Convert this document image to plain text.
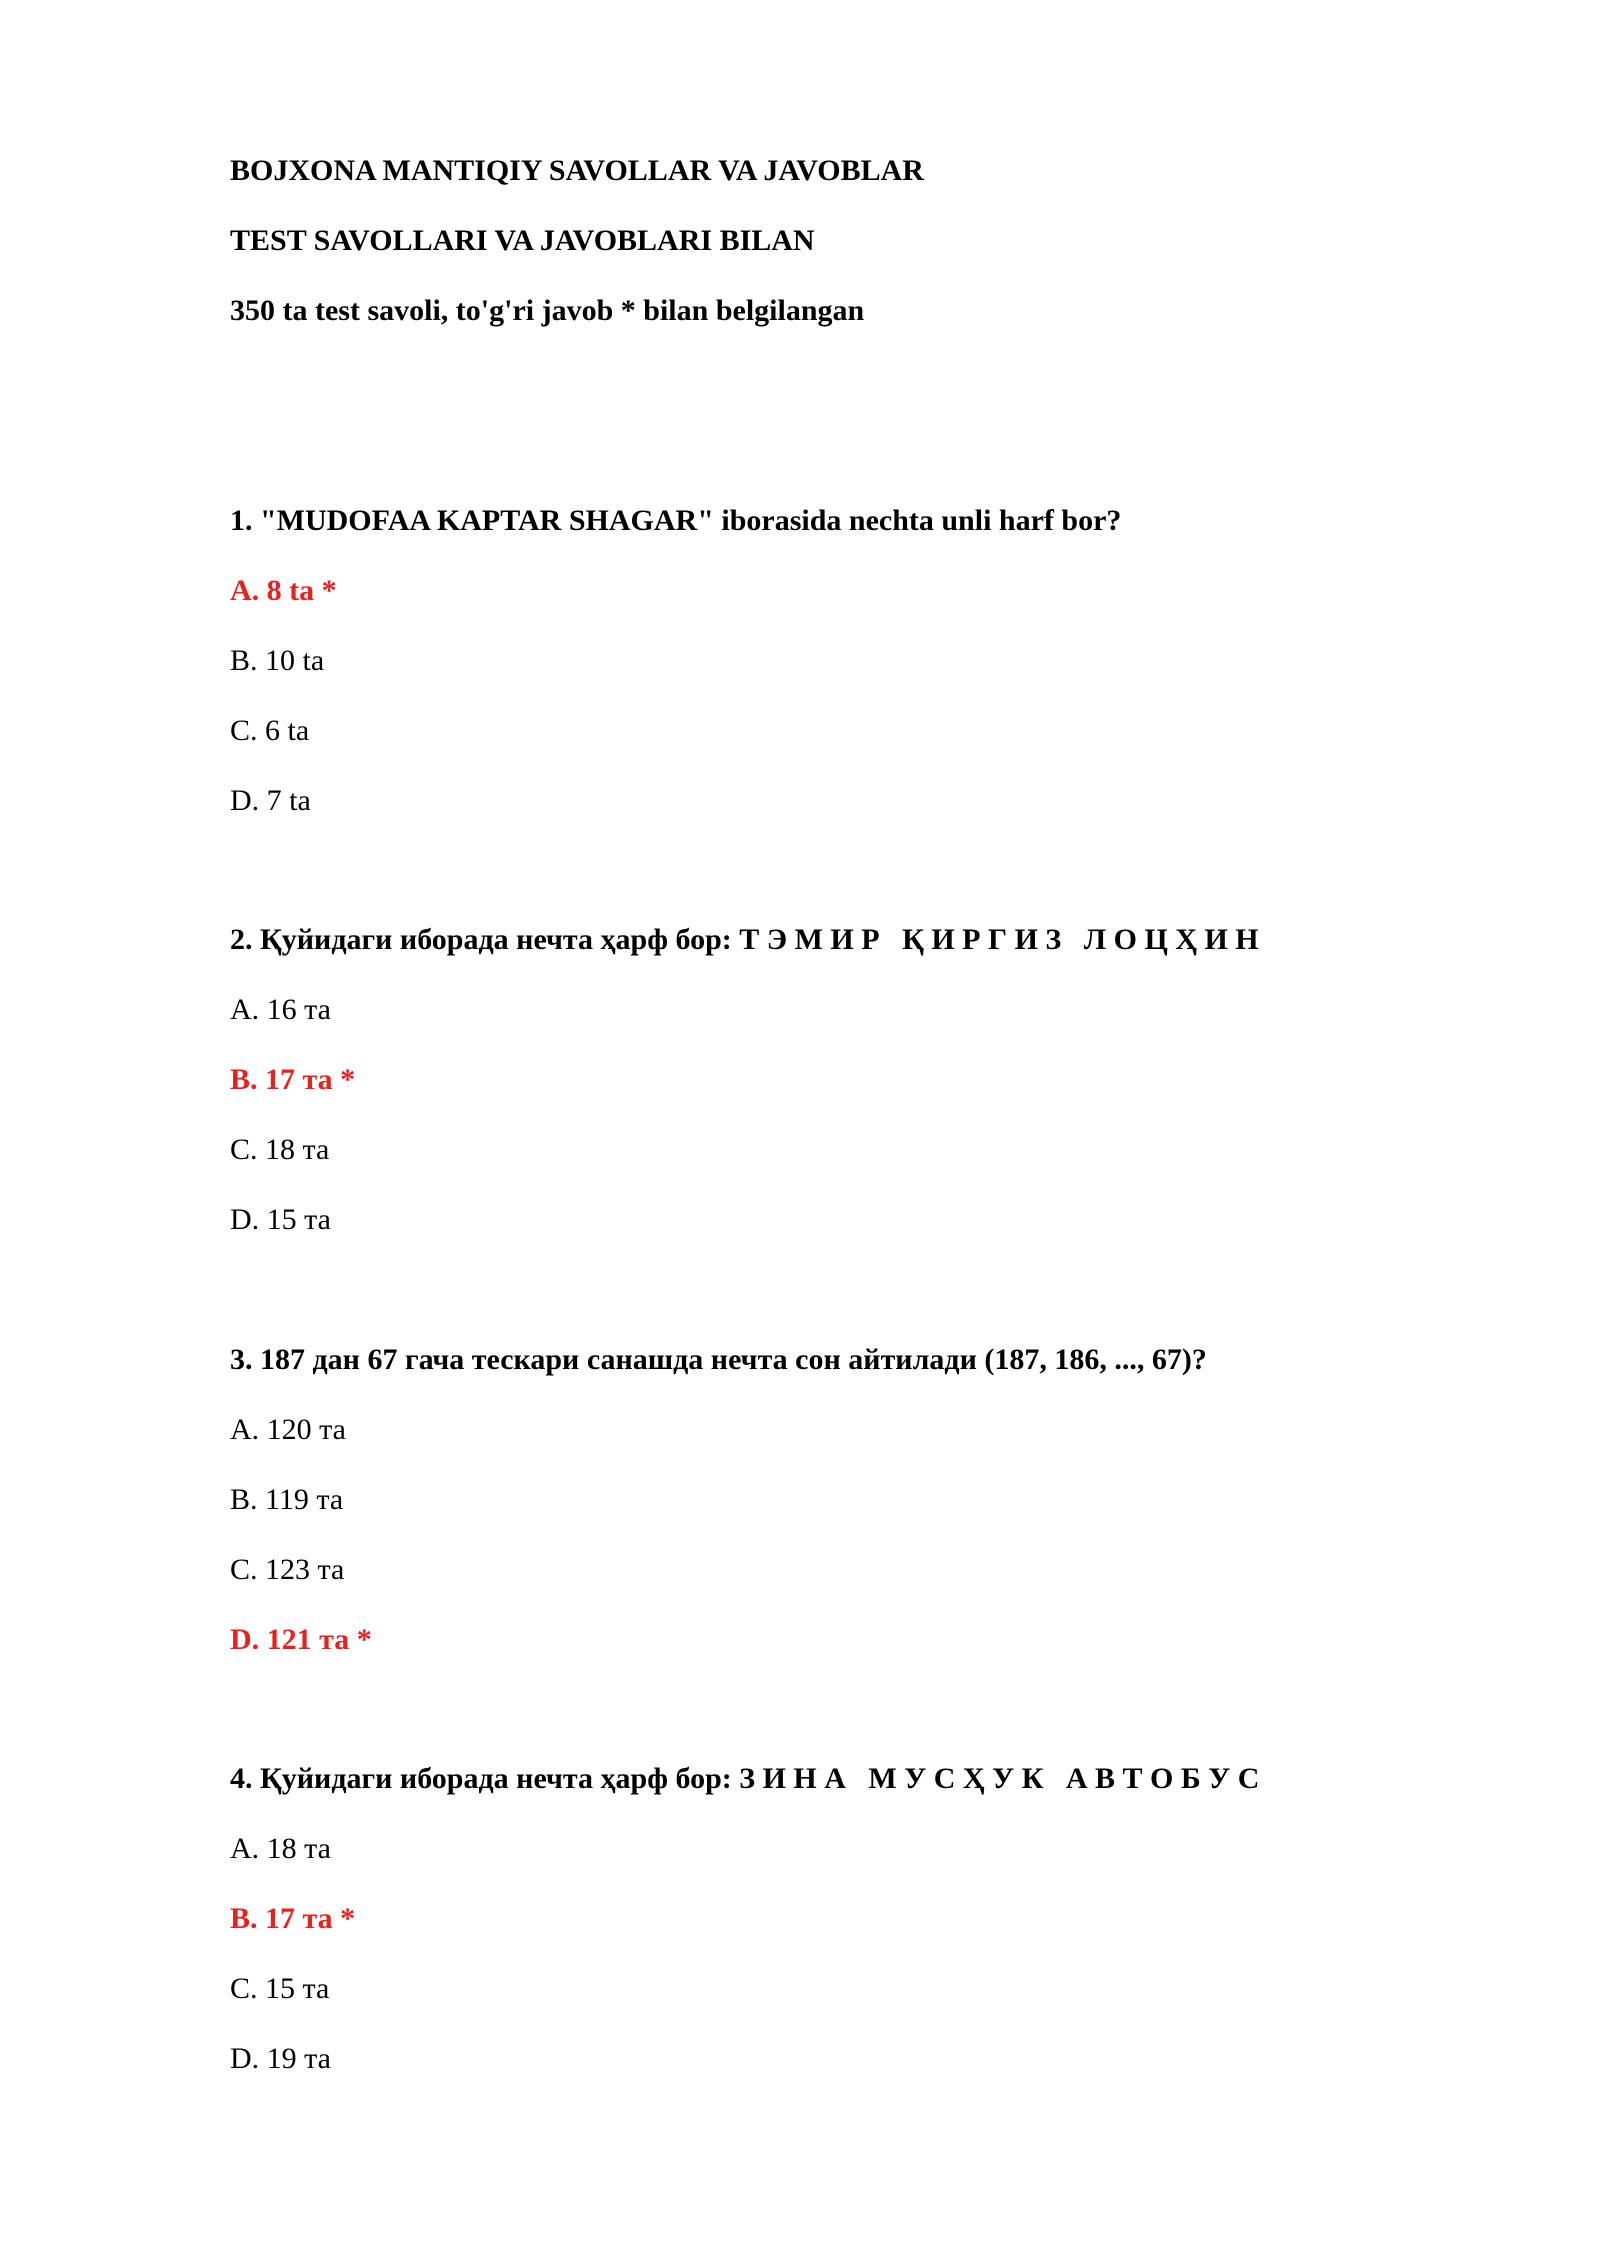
BOJXONA MANTIQIY SAVOLLAR VA JAVOBLAR
TEST SAVOLLARI VA JAVOBLARI BILAN
350 ta test savoli, to'g'ri javob * bilan belgilangan
1. "MUDOFAA KAPTAR SHAGAR" iborasida nechta unli harf bor?
A. 8 ta *
B. 10 ta
C. 6 ta
D. 7 ta
2. Қуйидаги иборада нечта ҳарф бор: Т Э М И Р   Қ И Р Г И З   Л О Ц Ҳ И Н
A. 16 та
B. 17 та *
C. 18 та
D. 15 та
3. 187 дан 67 гача тескари санашда нечта сон айтилади (187, 186, ..., 67)?
A. 120 та
B. 119 та
C. 123 та
D. 121 та *
4. Қуйидаги иборада нечта ҳарф бор: З И Н А   М У С Ҳ У К   А В Т О Б У С
A. 18 та
B. 17 та *
C. 15 та
D. 19 та
